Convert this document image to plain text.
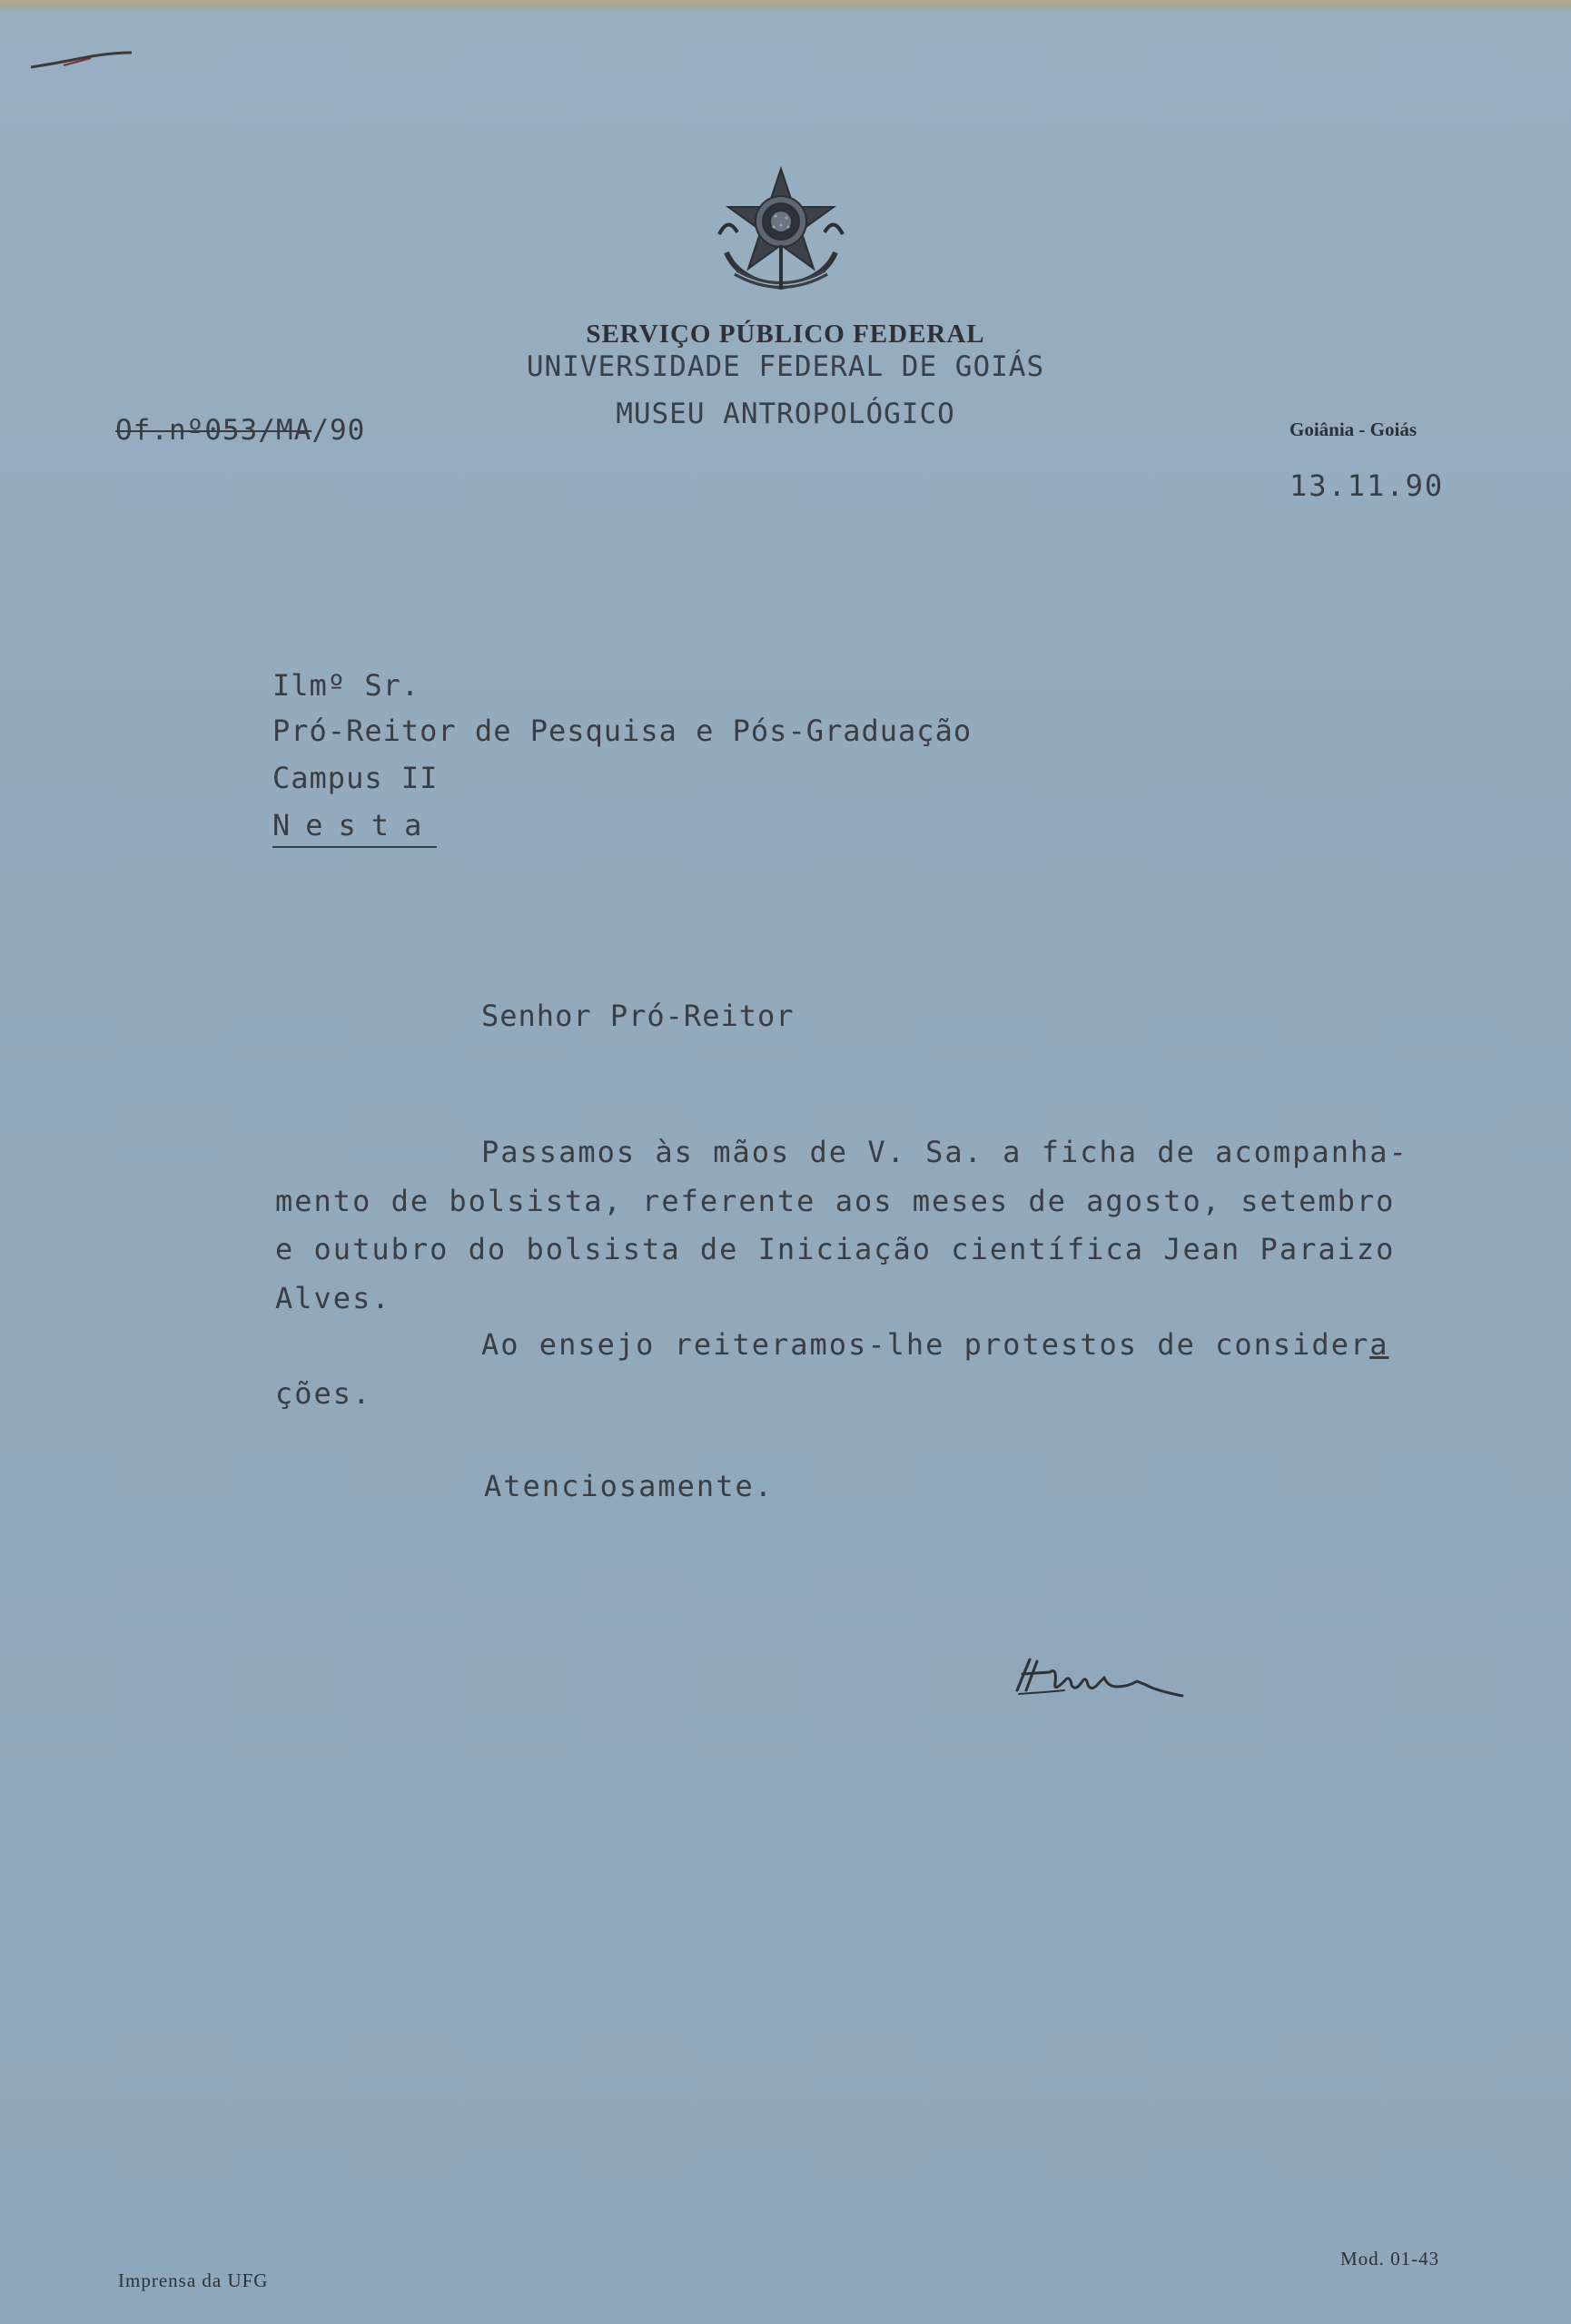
SERVIÇO PÚBLICO FEDERAL
UNIVERSIDADE FEDERAL DE GOIÁS
MUSEU ANTROPOLÓGICO
Of.nº053/MA/90	Goiânia - Goiás
13.11.90
Ilmº Sr.
Pró-Reitor de Pesquisa e Pós-Graduação
Campus II
Nesta
Senhor Pró-Reitor
Passamos às mãos de V. Sa. a ficha de acompanha-
mento de bolsista, referente aos meses de agosto, setembro
e outubro do bolsista de Iniciação científica Jean Paraizo
Alves.
Ao ensejo reiteramos-lhe protestos de considera
ções.
Atenciosamente.
Mod. 01-43
Imprensa da UFG
